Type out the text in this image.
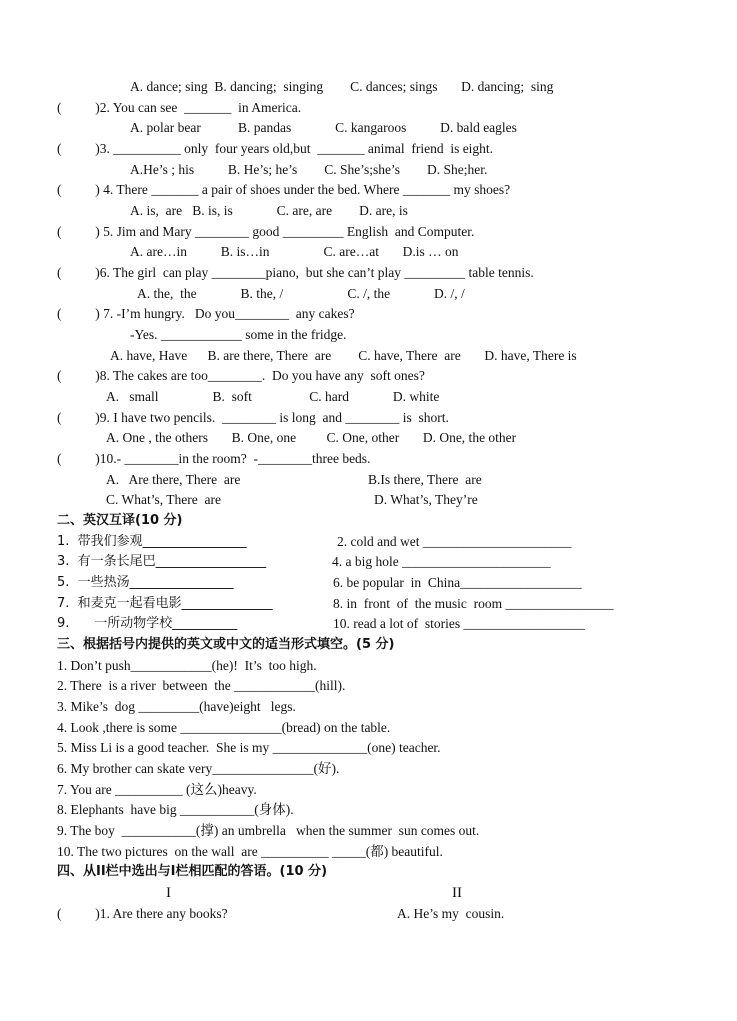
A. dance; sing  B. dancing;  singing        C. dances; sings       D. dancing;  sing
(          )2. You can see  _______  in America.
A. polar bear           B. pandas             C. kangaroos          D. bald eagles
(          )3. __________ only  four years old,but  _______ animal  friend  is eight.
A.He’s ; his          B. He’s; he’s        C. She’s;she’s        D. She;her.
(          ) 4. There _______ a pair of shoes under the bed. Where _______ my shoes?
A. is,  are   B. is, is             C. are, are        D. are, is
(          ) 5. Jim and Mary ________ good _________ English  and Computer.
A. are…in          B. is…in                C. are…at       D.is … on
(          )6. The girl  can play ________piano,  but she can’t play _________ table tennis.
A. the,  the             B. the, /                   C. /, the             D. /, /
(          ) 7. -I’m hungry.   Do you________  any cakes?
-Yes. ____________ some in the fridge.
A. have, Have      B. are there, There  are        C. have, There  are       D. have, There is
(          )8. The cakes are too________.  Do you have any  soft ones?
A.   small                B.  soft                 C. hard             D. white
(          )9. I have two pencils.  ________ is long  and ________ is  short.
A. One , the others       B. One, one         C. One, other       D. One, the other
(          )10.- ________in the room?  -________three beds.
A.   Are there, There  are	B.Is there, There  are
C. What’s, There  are	D. What’s, They’re
二、英汉互译(10 分)
1.  带我们参观________________	2. cold and wet ______________________
3.  有一条长尾巴_________________	4. a big hole ______________________
5.  一些热汤________________	6. be popular  in  China__________________
7.  和麦克一起看电影______________	8. in  front  of  the music  room ________________
9.      一所动物学校__________	10. read a lot of  stories __________________
三、根据括号内提供的英文或中文的适当形式填空。(5 分)
1. Don’t push____________(he)!  It’s  too high.
2. There  is a river  between  the ____________(hill).
3. Mike’s  dog _________(have)eight   legs.
4. Look ,there is some _______________(bread) on the table.
5. Miss Li is a good teacher.  She is my ______________(one) teacher.
6. My brother can skate very_______________(好).
7. You are __________ (这么)heavy.
8. Elephants  have big ___________(身体).
9. The boy  ___________(撑) an umbrella   when the summer  sun comes out.
10. The two pictures  on the wall  are __________ _____(都) beautiful.
四、从II栏中选出与I栏相匹配的答语。(10 分)
I	II
(          )1. Are there any books?	A. He’s my  cousin.
